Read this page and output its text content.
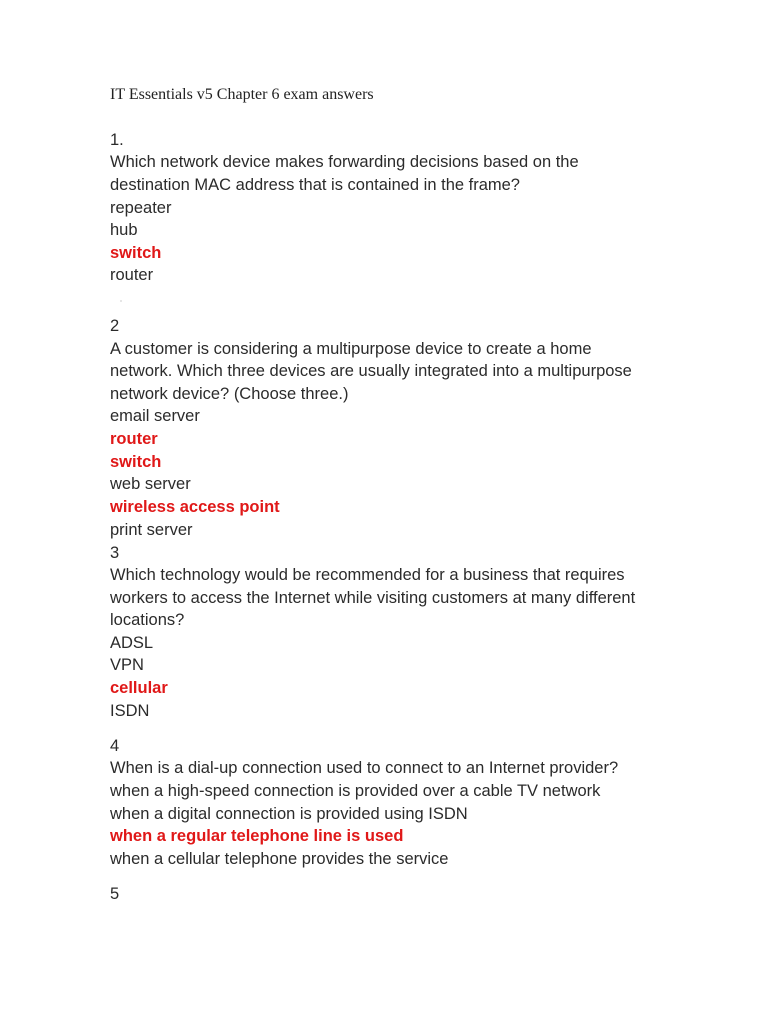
IT Essentials v5 Chapter 6 exam answers
1.
Which network device makes forwarding decisions based on the
destination MAC address that is contained in the frame?
repeater
hub
switch
router
2
A customer is considering a multipurpose device to create a home
network. Which three devices are usually integrated into a multipurpose
network device? (Choose three.)
email server
router
switch
web server
wireless access point
print server
3
Which technology would be recommended for a business that requires
workers to access the Internet while visiting customers at many different
locations?
ADSL
VPN
cellular
ISDN
4
When is a dial-up connection used to connect to an Internet provider?
when a high-speed connection is provided over a cable TV network
when a digital connection is provided using ISDN
when a regular telephone line is used
when a cellular telephone provides the service
5
